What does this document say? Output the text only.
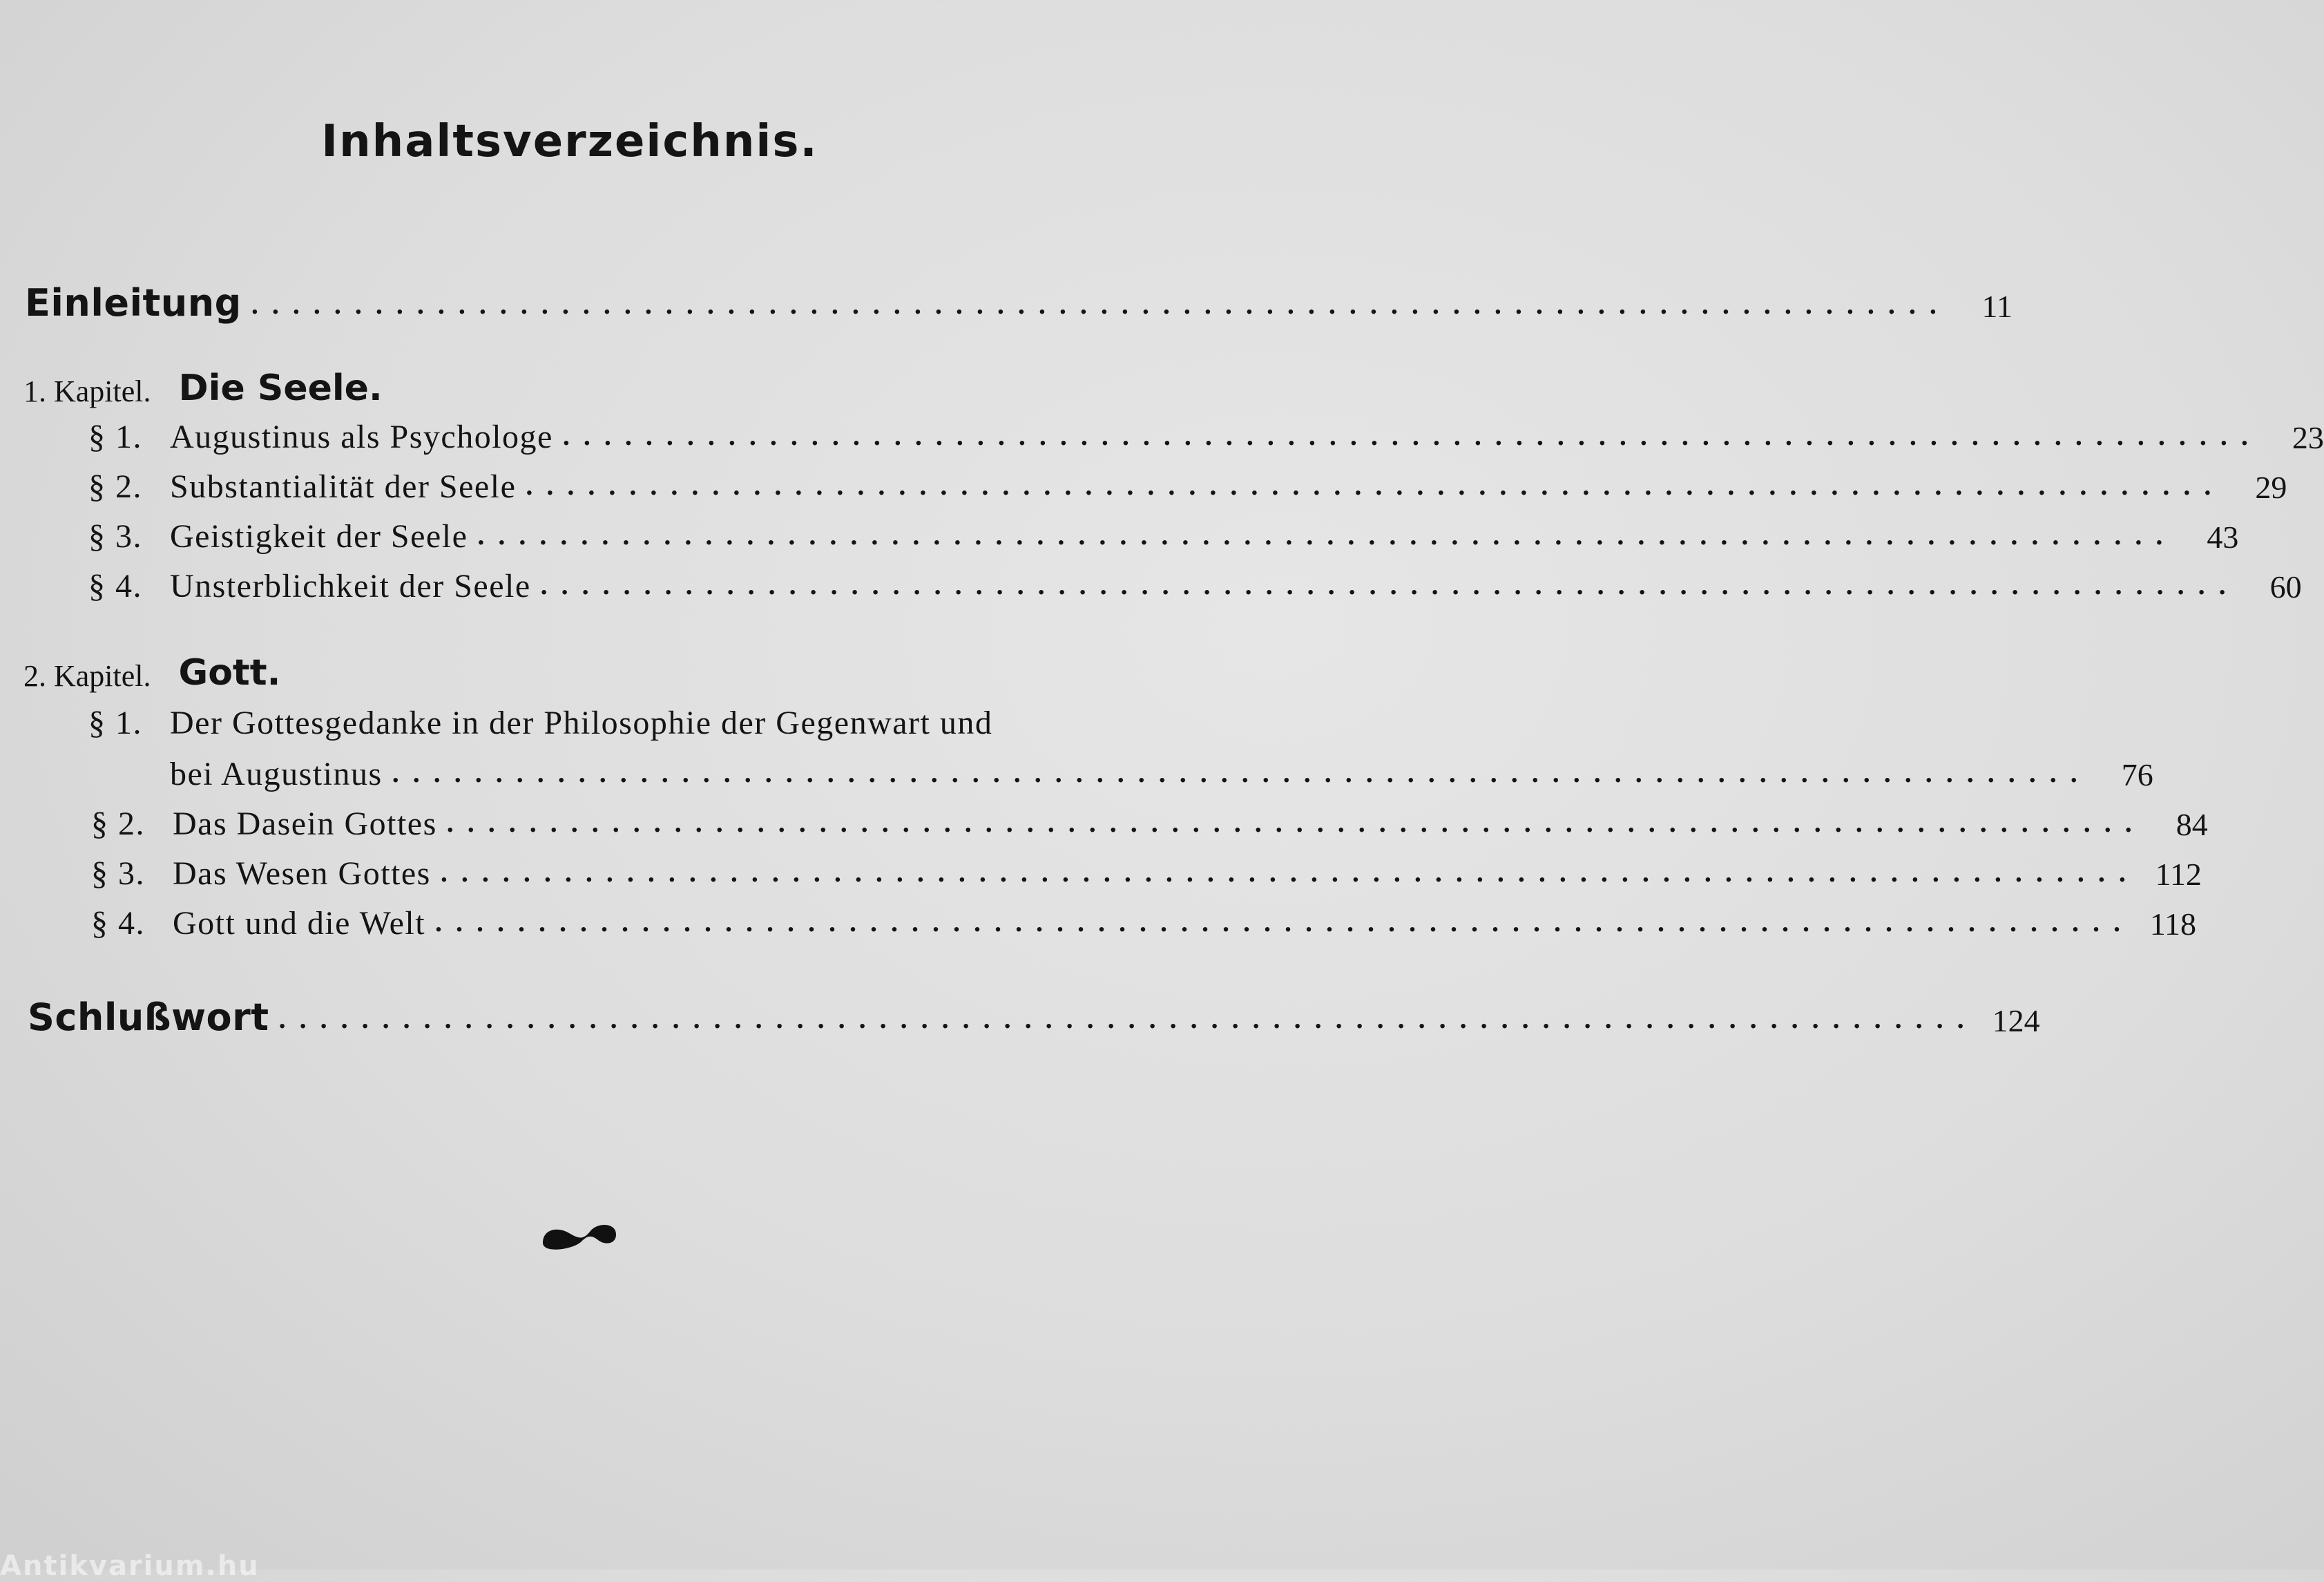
Inhaltsverzeichnis.
Einleitung .................................................................................. 11
1. Kapitel. Die Seele.
§ 1. Augustinus als Psychologe .................................................................................. 23
§ 2. Substantialität der Seele .................................................................................. 29
§ 3. Geistigkeit der Seele .................................................................................. 43
§ 4. Unsterblichkeit der Seele .................................................................................. 60
2. Kapitel. Gott.
§ 1. Der Gottesgedanke in der Philosophie der Gegenwart und
bei Augustinus .................................................................................. 76
§ 2. Das Dasein Gottes .................................................................................. 84
§ 3. Das Wesen Gottes .................................................................................. 112
§ 4. Gott und die Welt .................................................................................. 118
Schlußwort .................................................................................. 124
Antikvarium.hu
